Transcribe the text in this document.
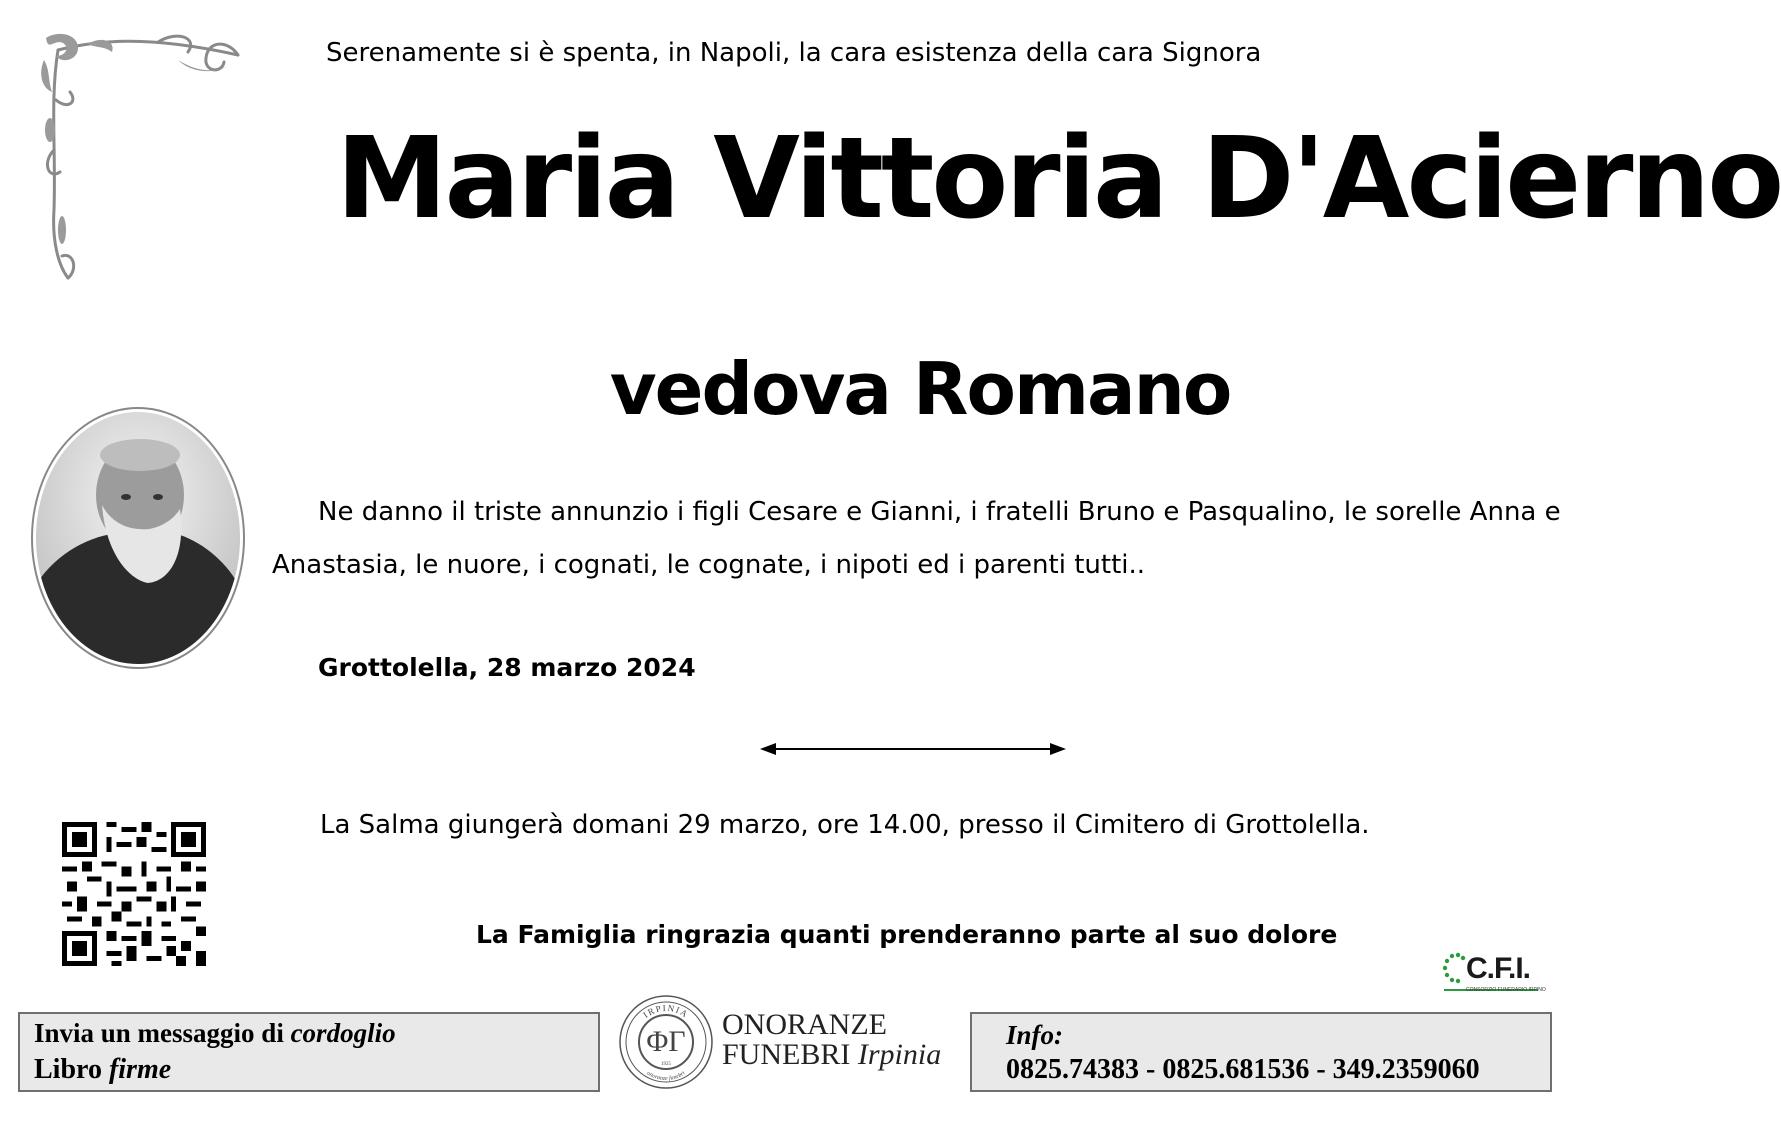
Serenamente si è spenta, in Napoli, la cara esistenza della cara Signora
Maria Vittoria D'Acierno
vedova Romano
Ne danno il triste annunzio i figli Cesare e Gianni, i fratelli Bruno e Pasqualino, le sorelle Anna e Anastasia, le nuore, i cognati, le cognate, i nipoti ed i parenti tutti..
Grottolella, 28 marzo 2024
La Salma giungerà domani 29 marzo, ore 14.00, presso il Cimitero di Grottolella.
La Famiglia ringrazia quanti prenderanno parte al suo dolore
C.F.I.
CONSORZIO FUNERARIO IRPINO
Invia un messaggio di cordoglio
Libro firme
IRPINIA
onoranze funebri
ΦΓ
1925
ONORANZE
FUNEBRI Irpinia
Info:
0825.74383 - 0825.681536 - 349.2359060
